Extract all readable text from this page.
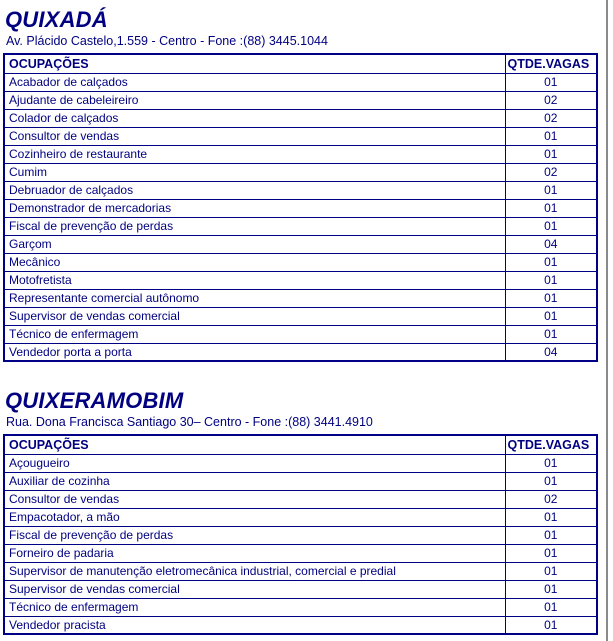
QUIXADÁ
Av. Plácido Castelo,1.559 - Centro - Fone :(88) 3445.1044
OCUPAÇÕES	QTDE.VAGAS
Acabador de calçados	01
Ajudante de cabeleireiro	02
Colador de calçados	02
Consultor de vendas	01
Cozinheiro de restaurante	01
Cumim	02
Debruador de calçados	01
Demonstrador de mercadorias	01
Fiscal de prevenção de perdas	01
Garçom	04
Mecânico	01
Motofretista	01
Representante comercial autônomo	01
Supervisor de vendas comercial	01
Técnico de enfermagem	01
Vendedor porta a porta	04
QUIXERAMOBIM
Rua. Dona Francisca Santiago 30– Centro - Fone :(88) 3441.4910
OCUPAÇÕES	QTDE.VAGAS
Açougueiro	01
Auxiliar de cozinha	01
Consultor de vendas	02
Empacotador, a mão	01
Fiscal de prevenção de perdas	01
Forneiro de padaria	01
Supervisor de manutenção eletromecânica industrial, comercial e predial	01
Supervisor de vendas comercial	01
Técnico de enfermagem	01
Vendedor pracista	01
